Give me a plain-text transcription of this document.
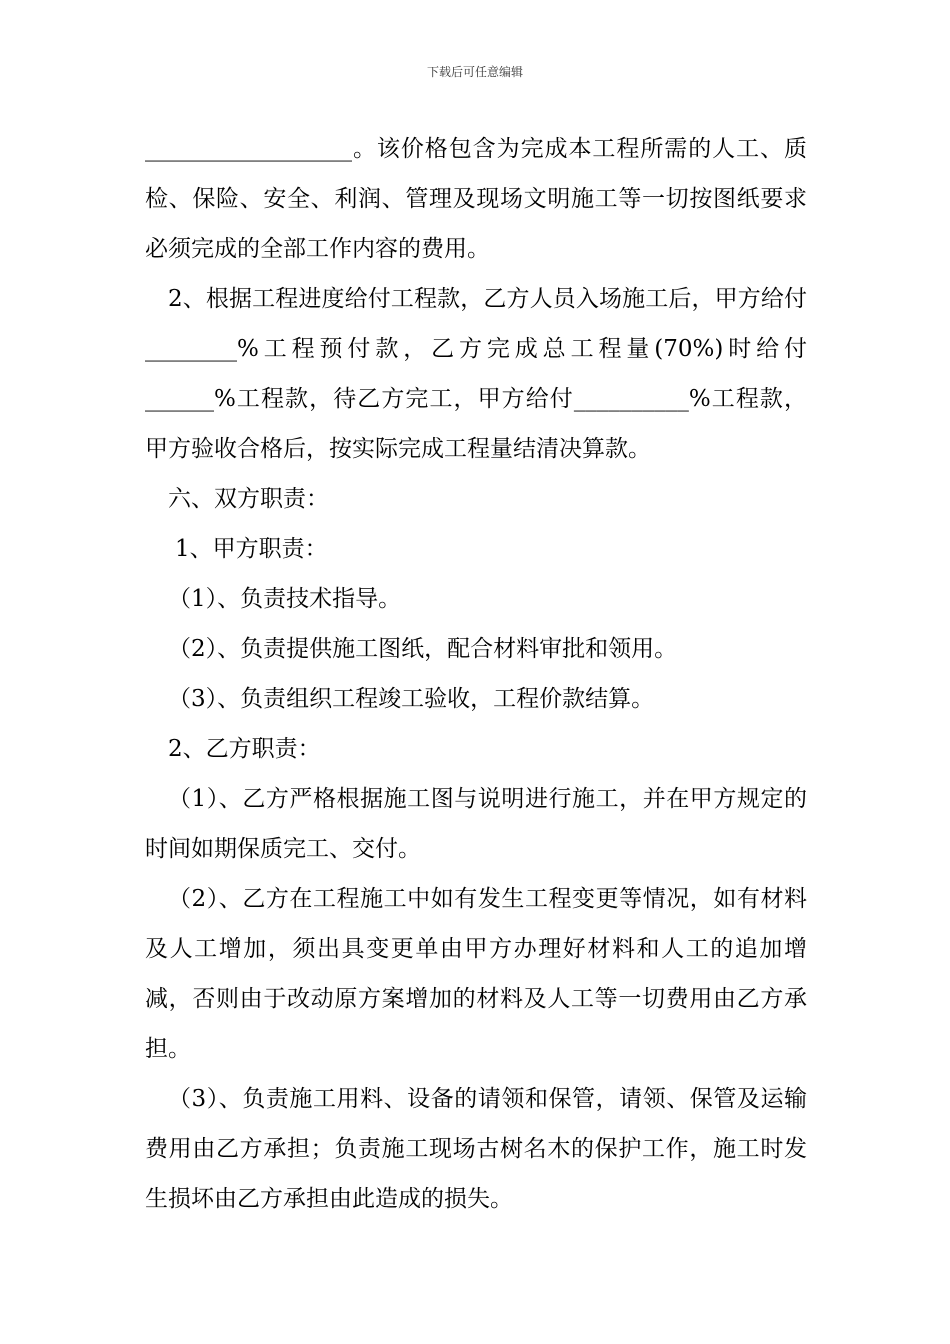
下载后可任意编辑

__________________。该价格包含为完成本工程所需的人工、质检、保险、安全、利润、管理及现场文明施工等一切按图纸要求必须完成的全部工作内容的费用。

2、根据工程进度给付工程款，乙方人员入场施工后，甲方给付________%工程预付款，乙方完成总工程量(70%)时给付______%工程款，待乙方完工，甲方给付__________%工程款，甲方验收合格后，按实际完成工程量结清决算款。

六、双方职责：

1、甲方职责：

（1）、负责技术指导。

（2）、负责提供施工图纸，配合材料审批和领用。

（3）、负责组织工程竣工验收，工程价款结算。

2、乙方职责：

（1）、乙方严格根据施工图与说明进行施工，并在甲方规定的时间如期保质完工、交付。

（2）、乙方在工程施工中如有发生工程变更等情况，如有材料及人工增加，须出具变更单由甲方办理好材料和人工的追加增减，否则由于改动原方案增加的材料及人工等一切费用由乙方承担。

（3）、负责施工用料、设备的请领和保管，请领、保管及运输费用由乙方承担；负责施工现场古树名木的保护工作，施工时发生损坏由乙方承担由此造成的损失。
